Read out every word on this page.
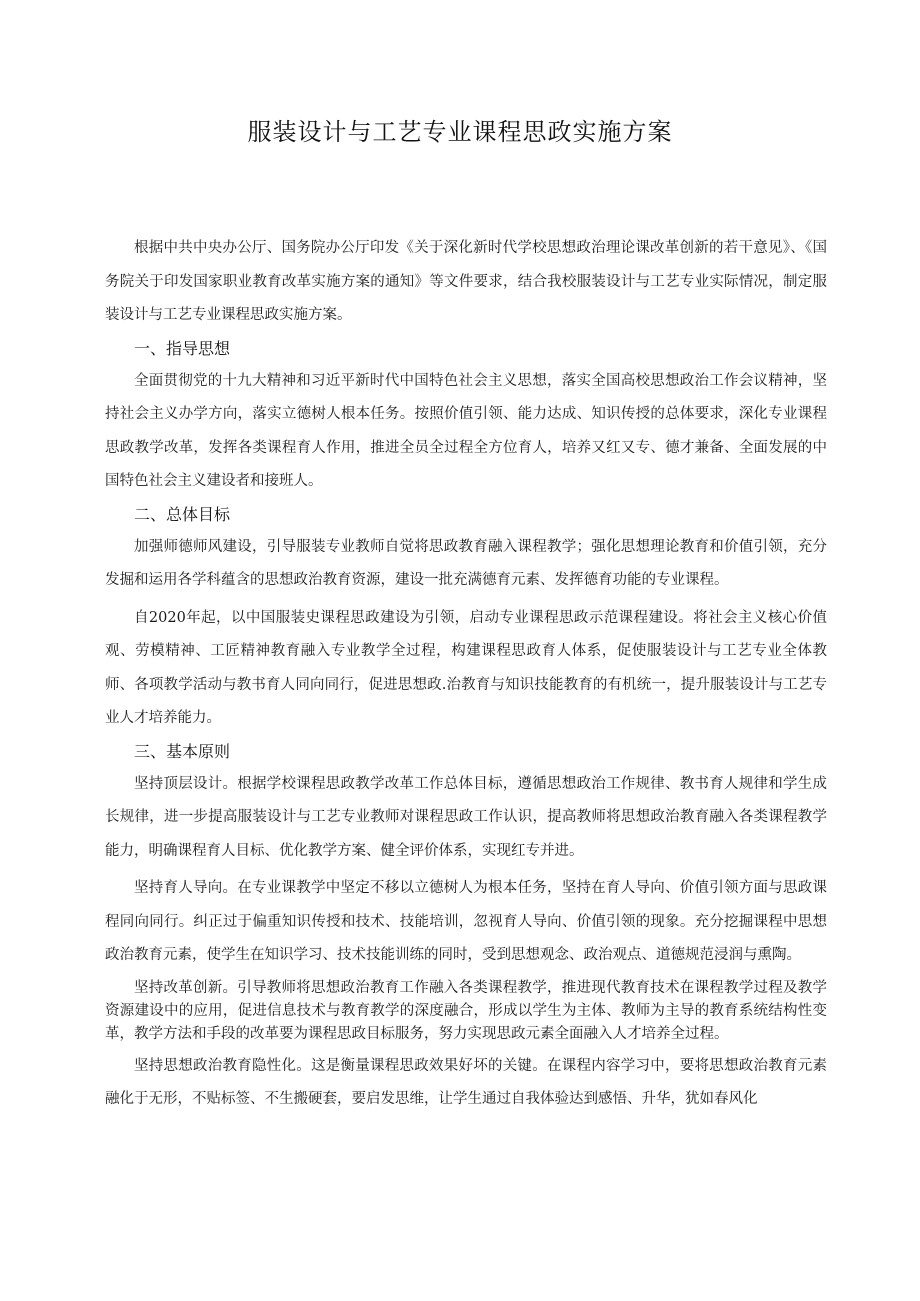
服装设计与工艺专业课程思政实施方案

根据中共中央办公厅、国务院办公厅印发《关于深化新时代学校思想政治理论课改革创新的若干意见》、《国务院关于印发国家职业教育改革实施方案的通知》等文件要求，结合我校服装设计与工艺专业实际情况，制定服装设计与工艺专业课程思政实施方案。

一、指导思想

全面贯彻党的十九大精神和习近平新时代中国特色社会主义思想，落实全国高校思想政治工作会议精神，坚持社会主义办学方向，落实立德树人根本任务。按照价值引领、能力达成、知识传授的总体要求，深化专业课程思政教学改革，发挥各类课程育人作用，推进全员全过程全方位育人，培养又红又专、德才兼备、全面发展的中国特色社会主义建设者和接班人。

二、总体目标

加强师德师风建设，引导服装专业教师自觉将思政教育融入课程教学；强化思想理论教育和价值引领，充分发掘和运用各学科蕴含的思想政治教育资源，建设一批充满德育元素、发挥德育功能的专业课程。

自2020年起，以中国服装史课程思政建设为引领，启动专业课程思政示范课程建设。将社会主义核心价值观、劳模精神、工匠精神教育融入专业教学全过程，构建课程思政育人体系，促使服装设计与工艺专业全体教师、各项教学活动与教书育人同向同行，促进思想政.治教育与知识技能教育的有机统一，提升服装设计与工艺专业人才培养能力。

三、基本原则

坚持顶层设计。根据学校课程思政教学改革工作总体目标，遵循思想政治工作规律、教书育人规律和学生成长规律，进一步提高服装设计与工艺专业教师对课程思政工作认识，提高教师将思想政治教育融入各类课程教学能力，明确课程育人目标、优化教学方案、健全评价体系，实现红专并进。

坚持育人导向。在专业课教学中坚定不移以立德树人为根本任务，坚持在育人导向、价值引领方面与思政课程同向同行。纠正过于偏重知识传授和技术、技能培训，忽视育人导向、价值引领的现象。充分挖掘课程中思想政治教育元素，使学生在知识学习、技术技能训练的同时，受到思想观念、政治观点、道德规范浸润与熏陶。

坚持改革创新。引导教师将思想政治教育工作融入各类课程教学，推进现代教育技术在课程教学过程及教学资源建设中的应用，促进信息技术与教育教学的深度融合，形成以学生为主体、教师为主导的教育系统结构性变革，教学方法和手段的改革要为课程思政目标服务，努力实现思政元素全面融入人才培养全过程。

坚持思想政治教育隐性化。这是衡量课程思政效果好坏的关键。在课程内容学习中，要将思想政治教育元素融化于无形，不贴标签、不生搬硬套，要启发思维，让学生通过自我体验达到感悟、升华，犹如春风化
